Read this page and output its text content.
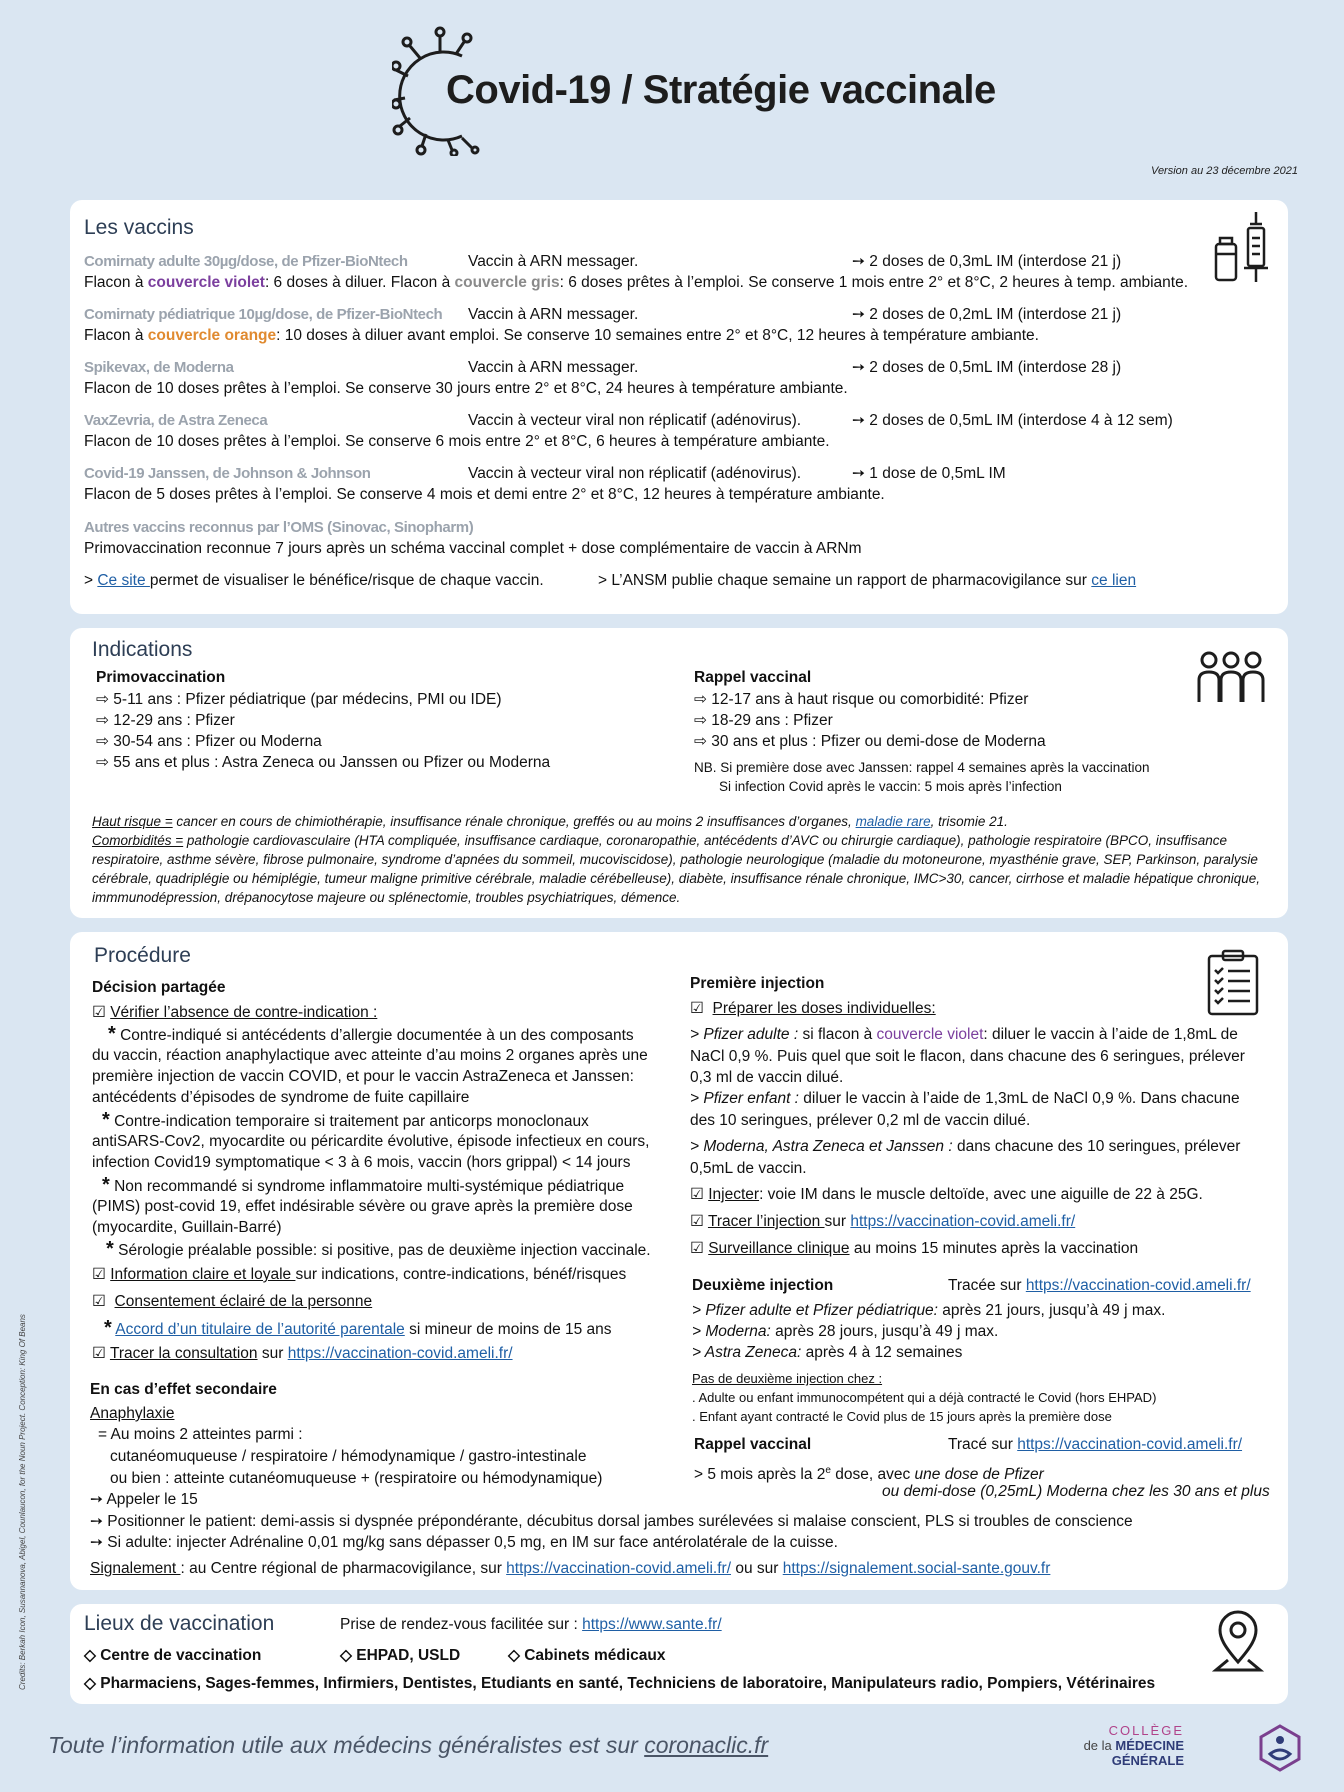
Covid-19 / Stratégie vaccinale
Version au 23 décembre 2021
Les vaccins
Comirnaty adulte 30µg/dose, de Pfizer-BioNtech	Vaccin à ARN messager.	➙ 2 doses de 0,3mL IM (interdose 21 j)
Flacon à couvercle violet: 6 doses à diluer. Flacon à couvercle gris: 6 doses prêtes à l’emploi. Se conserve 1 mois entre 2° et 8°C, 2 heures à temp. ambiante.
Comirnaty pédiatrique 10µg/dose, de Pfizer-BioNtech Vaccin à ARN messager.	➙ 2 doses de 0,2mL IM (interdose 21 j)
Flacon à couvercle orange: 10 doses à diluer avant emploi. Se conserve 10 semaines entre 2° et 8°C, 12 heures à température ambiante.
Spikevax, de Moderna	Vaccin à ARN messager.	➙ 2 doses de 0,5mL IM (interdose 28 j)
Flacon de 10 doses prêtes à l’emploi. Se conserve 30 jours entre 2° et 8°C, 24 heures à température ambiante.
VaxZevria, de Astra Zeneca	Vaccin à vecteur viral non réplicatif (adénovirus).	➙ 2 doses de 0,5mL IM (interdose 4 à 12 sem)
Flacon de 10 doses prêtes à l’emploi. Se conserve 6 mois entre 2° et 8°C, 6 heures à température ambiante.
Covid-19 Janssen, de Johnson & Johnson	Vaccin à vecteur viral non réplicatif (adénovirus).	➙ 1 dose de 0,5mL IM
Flacon de 5 doses prêtes à l’emploi. Se conserve 4 mois et demi entre 2° et 8°C, 12 heures à température ambiante.
Autres vaccins reconnus par l’OMS (Sinovac, Sinopharm)
Primovaccination reconnue 7 jours après un schéma vaccinal complet + dose complémentaire de vaccin à ARNm
> Ce site permet de visualiser le bénéfice/risque de chaque vaccin.	> L’ANSM publie chaque semaine un rapport de pharmacovigilance sur ce lien
Indications
Primovaccination
⇨ 5-11 ans : Pfizer pédiatrique (par médecins, PMI ou IDE)
⇨ 12-29 ans : Pfizer
⇨ 30-54 ans : Pfizer ou Moderna
⇨ 55 ans et plus : Astra Zeneca ou Janssen ou Pfizer ou Moderna
Rappel vaccinal
⇨ 12-17 ans à haut risque ou comorbidité: Pfizer
⇨ 18-29 ans : Pfizer
⇨ 30 ans et plus : Pfizer ou demi-dose de Moderna
NB. Si première dose avec Janssen: rappel 4 semaines après la vaccination
Si infection Covid après le vaccin: 5 mois après l’infection
Haut risque = cancer en cours de chimiothérapie, insuffisance rénale chronique, greffés ou au moins 2 insuffisances d’organes, maladie rare, trisomie 21.
Comorbidités = pathologie cardiovasculaire (HTA compliquée, insuffisance cardiaque, coronaropathie, antécédents d’AVC ou chirurgie cardiaque), pathologie respiratoire (BPCO, insuffisance respiratoire, asthme sévère, fibrose pulmonaire, syndrome d’apnées du sommeil, mucoviscidose), pathologie neurologique (maladie du motoneurone, myasthénie grave, SEP, Parkinson, paralysie cérébrale, quadriplégie ou hémiplégie, tumeur maligne primitive cérébrale, maladie cérébelleuse), diabète, insuffisance rénale chronique, IMC>30, cancer, cirrhose et maladie hépatique chronique, immmunodépression, drépanocytose majeure ou splénectomie, troubles psychiatriques, démence.
Procédure
Décision partagée
☑ Vérifier l’absence de contre-indication :
* Contre-indiqué si antécédents d’allergie documentée à un des composants
du vaccin, réaction anaphylactique avec atteinte d’au moins 2 organes après une
première injection de vaccin COVID, et pour le vaccin AstraZeneca et Janssen:
antécédents d’épisodes de syndrome de fuite capillaire
* Contre-indication temporaire si traitement par anticorps monoclonaux
antiSARS-Cov2, myocardite ou péricardite évolutive, épisode infectieux en cours,
infection Covid19 symptomatique < 3 à 6 mois, vaccin (hors grippal) < 14 jours
* Non recommandé si syndrome inflammatoire multi-systémique pédiatrique
(PIMS) post-covid 19, effet indésirable sévère ou grave après la première dose
(myocardite, Guillain-Barré)
* Sérologie préalable possible: si positive, pas de deuxième injection vaccinale.
☑ Information claire et loyale sur indications, contre-indications, bénéf/risques
☑ Consentement éclairé de la personne
* Accord d’un titulaire de l’autorité parentale si mineur de moins de 15 ans
☑ Tracer la consultation sur https://vaccination-covid.ameli.fr/
En cas d’effet secondaire
Anaphylaxie
= Au moins 2 atteintes parmi :
cutanéomuqueuse / respiratoire / hémodynamique / gastro-intestinale
ou bien : atteinte cutanéomuqueuse + (respiratoire ou hémodynamique)
➙ Appeler le 15
➙ Positionner le patient: demi-assis si dyspnée prépondérante, décubitus dorsal jambes surélevées si malaise conscient, PLS si troubles de conscience
➙ Si adulte: injecter Adrénaline 0,01 mg/kg sans dépasser 0,5 mg, en IM sur face antérolatérale de la cuisse.
Signalement : au Centre régional de pharmacovigilance, sur https://vaccination-covid.ameli.fr/ ou sur https://signalement.social-sante.gouv.fr
Première injection
☑ Préparer les doses individuelles:
> Pfizer adulte : si flacon à couvercle violet: diluer le vaccin à l’aide de 1,8mL de
NaCl 0,9 %. Puis quel que soit le flacon, dans chacune des 6 seringues, prélever
0,3 ml de vaccin dilué.
> Pfizer enfant : diluer le vaccin à l’aide de 1,3mL de NaCl 0,9 %. Dans chacune
des 10 seringues, prélever 0,2 ml de vaccin dilué.
> Moderna, Astra Zeneca et Janssen : dans chacune des 10 seringues, prélever
0,5mL de vaccin.
☑ Injecter: voie IM dans le muscle deltoïde, avec une aiguille de 22 à 25G.
☑ Tracer l’injection sur https://vaccination-covid.ameli.fr/
☑ Surveillance clinique au moins 15 minutes après la vaccination
Deuxième injection	Tracée sur https://vaccination-covid.ameli.fr/
> Pfizer adulte et Pfizer pédiatrique: après 21 jours, jusqu’à 49 j max.
> Moderna: après 28 jours, jusqu’à 49 j max.
> Astra Zeneca: après 4 à 12 semaines
Pas de deuxième injection chez :
. Adulte ou enfant immunocompétent qui a déjà contracté le Covid (hors EHPAD)
. Enfant ayant contracté le Covid plus de 15 jours après la première dose
Rappel vaccinal	Tracé sur https://vaccination-covid.ameli.fr/
> 5 mois après la 2e dose, avec une dose de Pfizer
ou demi-dose (0,25mL) Moderna chez les 30 ans et plus
Lieux de vaccination	Prise de rendez-vous facilitée sur : https://www.sante.fr/
◇ Centre de vaccination	◇ EHPAD, USLD	◇ Cabinets médicaux
◇ Pharmaciens, Sages-femmes, Infirmiers, Dentistes, Etudiants en santé, Techniciens de laboratoire, Manipulateurs radio, Pompiers, Vétérinaires
Credits: Berkah Icon, Susannanova, Abigel, Counlaucon, for the Noun Project. Conception: King Of Beans
Toute l’information utile aux médecins généralistes est sur coronaclic.fr
COLLÈGE
de la MÉDECINE
GÉNÉRALE
